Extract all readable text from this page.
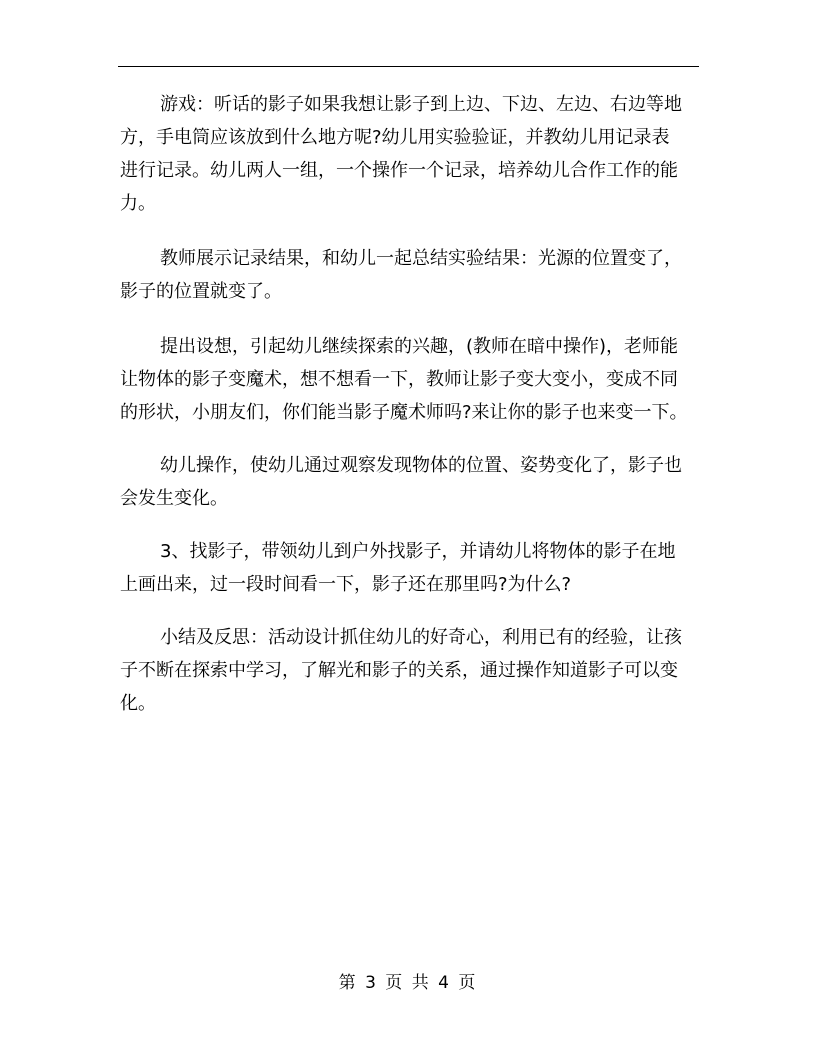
游戏：听话的影子如果我想让影子到上边、下边、左边、右边等地
方，手电筒应该放到什么地方呢?幼儿用实验验证，并教幼儿用记录表
进行记录。幼儿两人一组，一个操作一个记录，培养幼儿合作工作的能
力。
教师展示记录结果，和幼儿一起总结实验结果：光源的位置变了，
影子的位置就变了。
提出设想，引起幼儿继续探索的兴趣，(教师在暗中操作)，老师能
让物体的影子变魔术，想不想看一下，教师让影子变大变小，变成不同
的形状，小朋友们，你们能当影子魔术师吗?来让你的影子也来变一下。
幼儿操作，使幼儿通过观察发现物体的位置、姿势变化了，影子也
会发生变化。
3、找影子，带领幼儿到户外找影子，并请幼儿将物体的影子在地
上画出来，过一段时间看一下，影子还在那里吗?为什么?
小结及反思：活动设计抓住幼儿的好奇心，利用已有的经验，让孩
子不断在探索中学习，了解光和影子的关系，通过操作知道影子可以变
化。
第 3 页 共 4 页
